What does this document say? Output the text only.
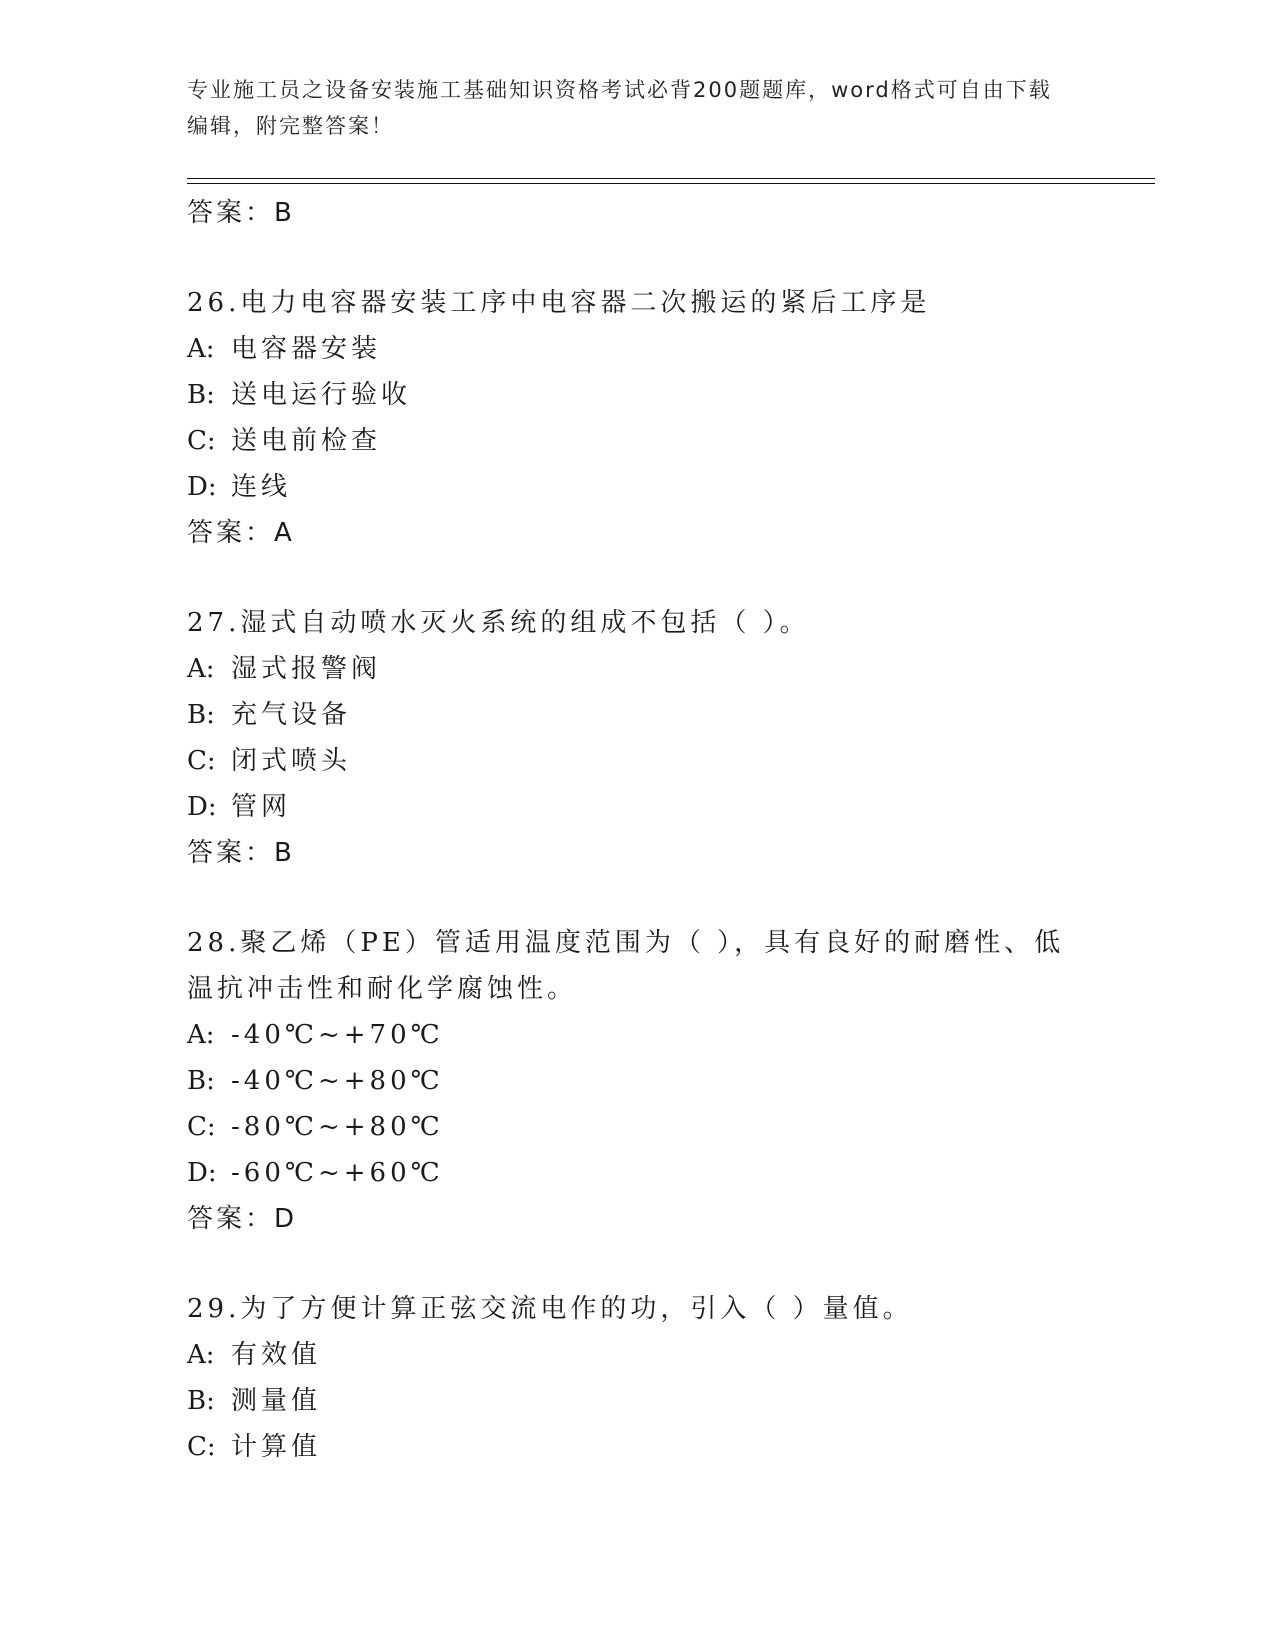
专业施工员之设备安装施工基础知识资格考试必背200题题库，word格式可自由下载编辑，附完整答案！
答案：B
26.电力电容器安装工序中电容器二次搬运的紧后工序是
A: 电容器安装
B: 送电运行验收
C: 送电前检查
D: 连线
答案：A
27.湿式自动喷水灭火系统的组成不包括（ ）。
A: 湿式报警阀
B: 充气设备
C: 闭式喷头
D: 管网
答案：B
28.聚乙烯（PE）管适用温度范围为（ ），具有良好的耐磨性、低温抗冲击性和耐化学腐蚀性。
A: -40℃~+70℃
B: -40℃~+80℃
C: -80℃~+80℃
D: -60℃~+60℃
答案：D
29.为了方便计算正弦交流电作的功，引入（ ）量值。
A: 有效值
B: 测量值
C: 计算值
